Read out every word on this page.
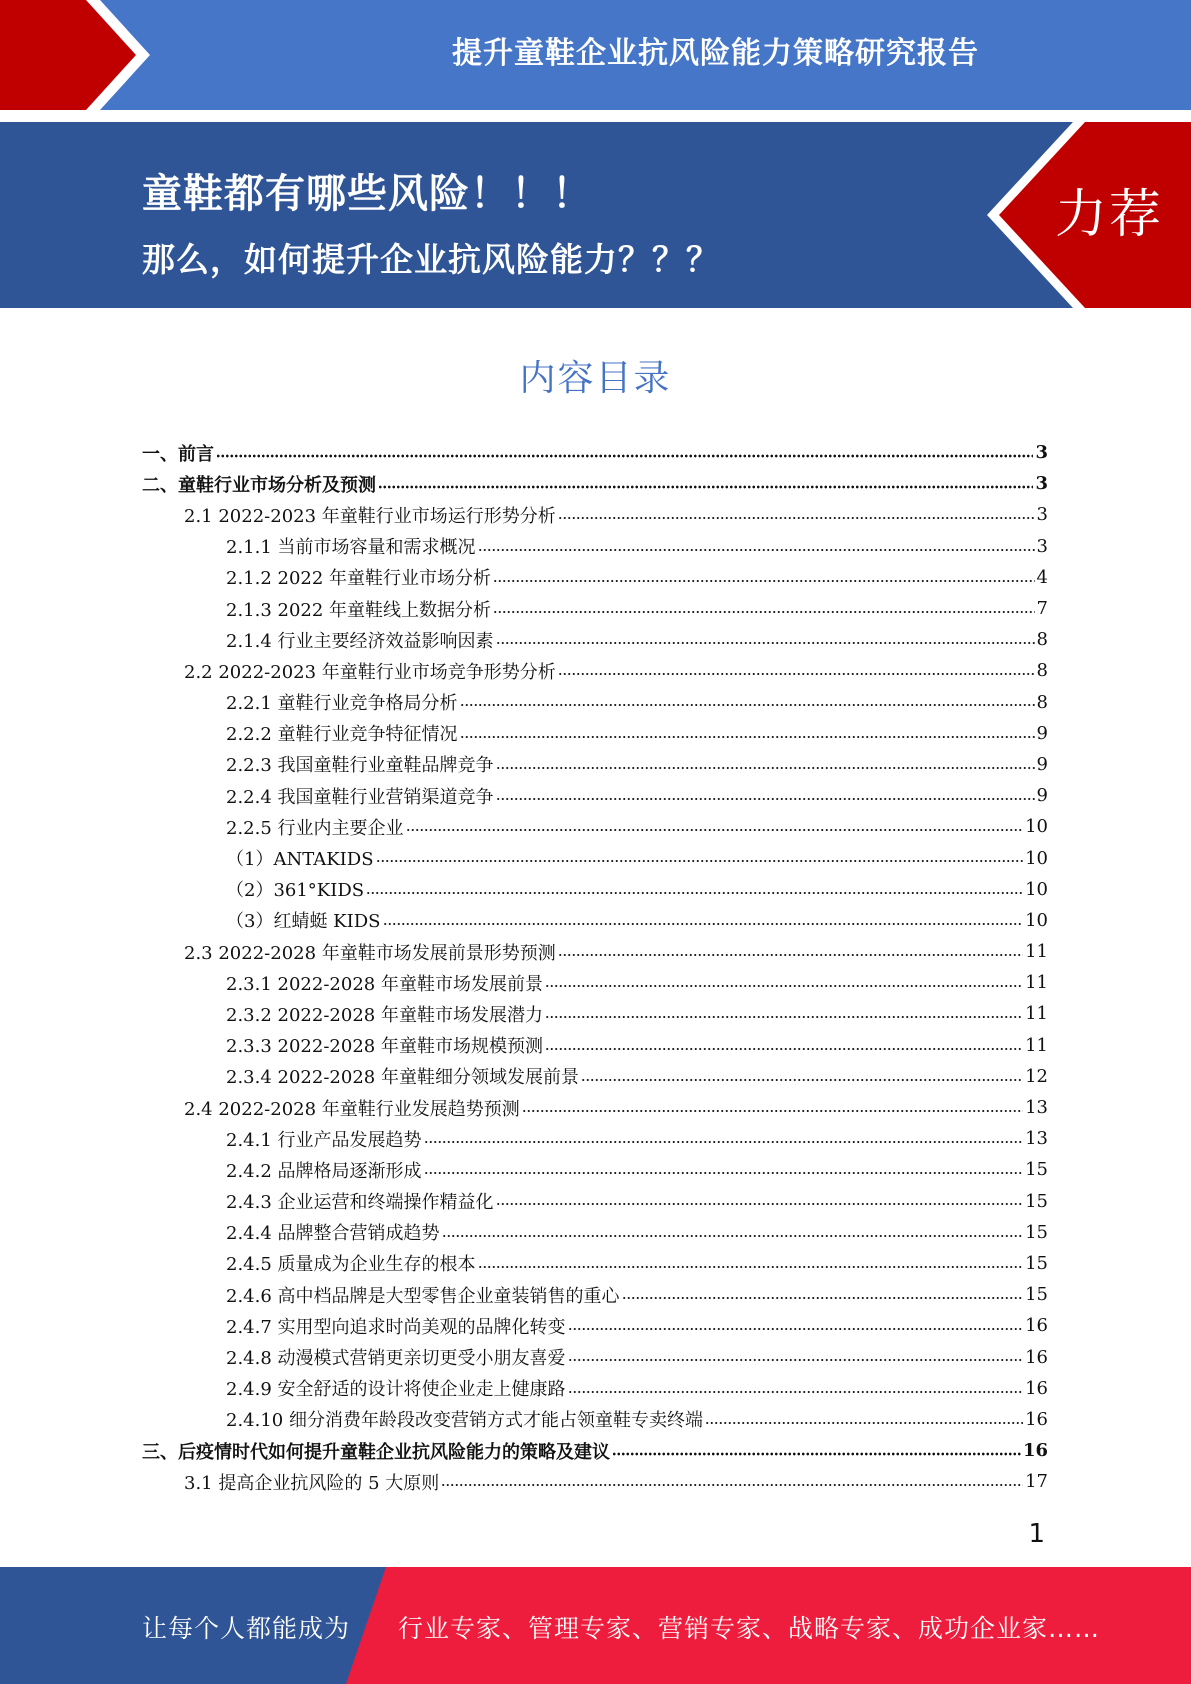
提升童鞋企业抗风险能力策略研究报告
童鞋都有哪些风险！！！
那么，如何提升企业抗风险能力？？？
力荐
内容目录
一、前言	3
二、童鞋行业市场分析及预测	3
2.1 2022-2023 年童鞋行业市场运行形势分析	3
2.1.1 当前市场容量和需求概况	3
2.1.2 2022 年童鞋行业市场分析	4
2.1.3 2022 年童鞋线上数据分析	7
2.1.4 行业主要经济效益影响因素	8
2.2 2022-2023 年童鞋行业市场竞争形势分析	8
2.2.1 童鞋行业竞争格局分析	8
2.2.2 童鞋行业竞争特征情况	9
2.2.3 我国童鞋行业童鞋品牌竞争	9
2.2.4 我国童鞋行业营销渠道竞争	9
2.2.5 行业内主要企业	10
（1）ANTAKIDS	10
（2）361°KIDS	10
（3）红蜻蜓 KIDS	10
2.3 2022-2028 年童鞋市场发展前景形势预测	11
2.3.1 2022-2028 年童鞋市场发展前景	11
2.3.2 2022-2028 年童鞋市场发展潜力	11
2.3.3 2022-2028 年童鞋市场规模预测	11
2.3.4 2022-2028 年童鞋细分领域发展前景	12
2.4 2022-2028 年童鞋行业发展趋势预测	13
2.4.1 行业产品发展趋势	13
2.4.2 品牌格局逐渐形成	15
2.4.3 企业运营和终端操作精益化	15
2.4.4 品牌整合营销成趋势	15
2.4.5 质量成为企业生存的根本	15
2.4.6 高中档品牌是大型零售企业童装销售的重心	15
2.4.7 实用型向追求时尚美观的品牌化转变	16
2.4.8 动漫模式营销更亲切更受小朋友喜爱	16
2.4.9 安全舒适的设计将使企业走上健康路	16
2.4.10 细分消费年龄段改变营销方式才能占领童鞋专卖终端	16
三、后疫情时代如何提升童鞋企业抗风险能力的策略及建议	16
3.1 提高企业抗风险的 5 大原则	17
1
让每个人都能成为 行业专家、管理专家、营销专家、战略专家、成功企业家……
